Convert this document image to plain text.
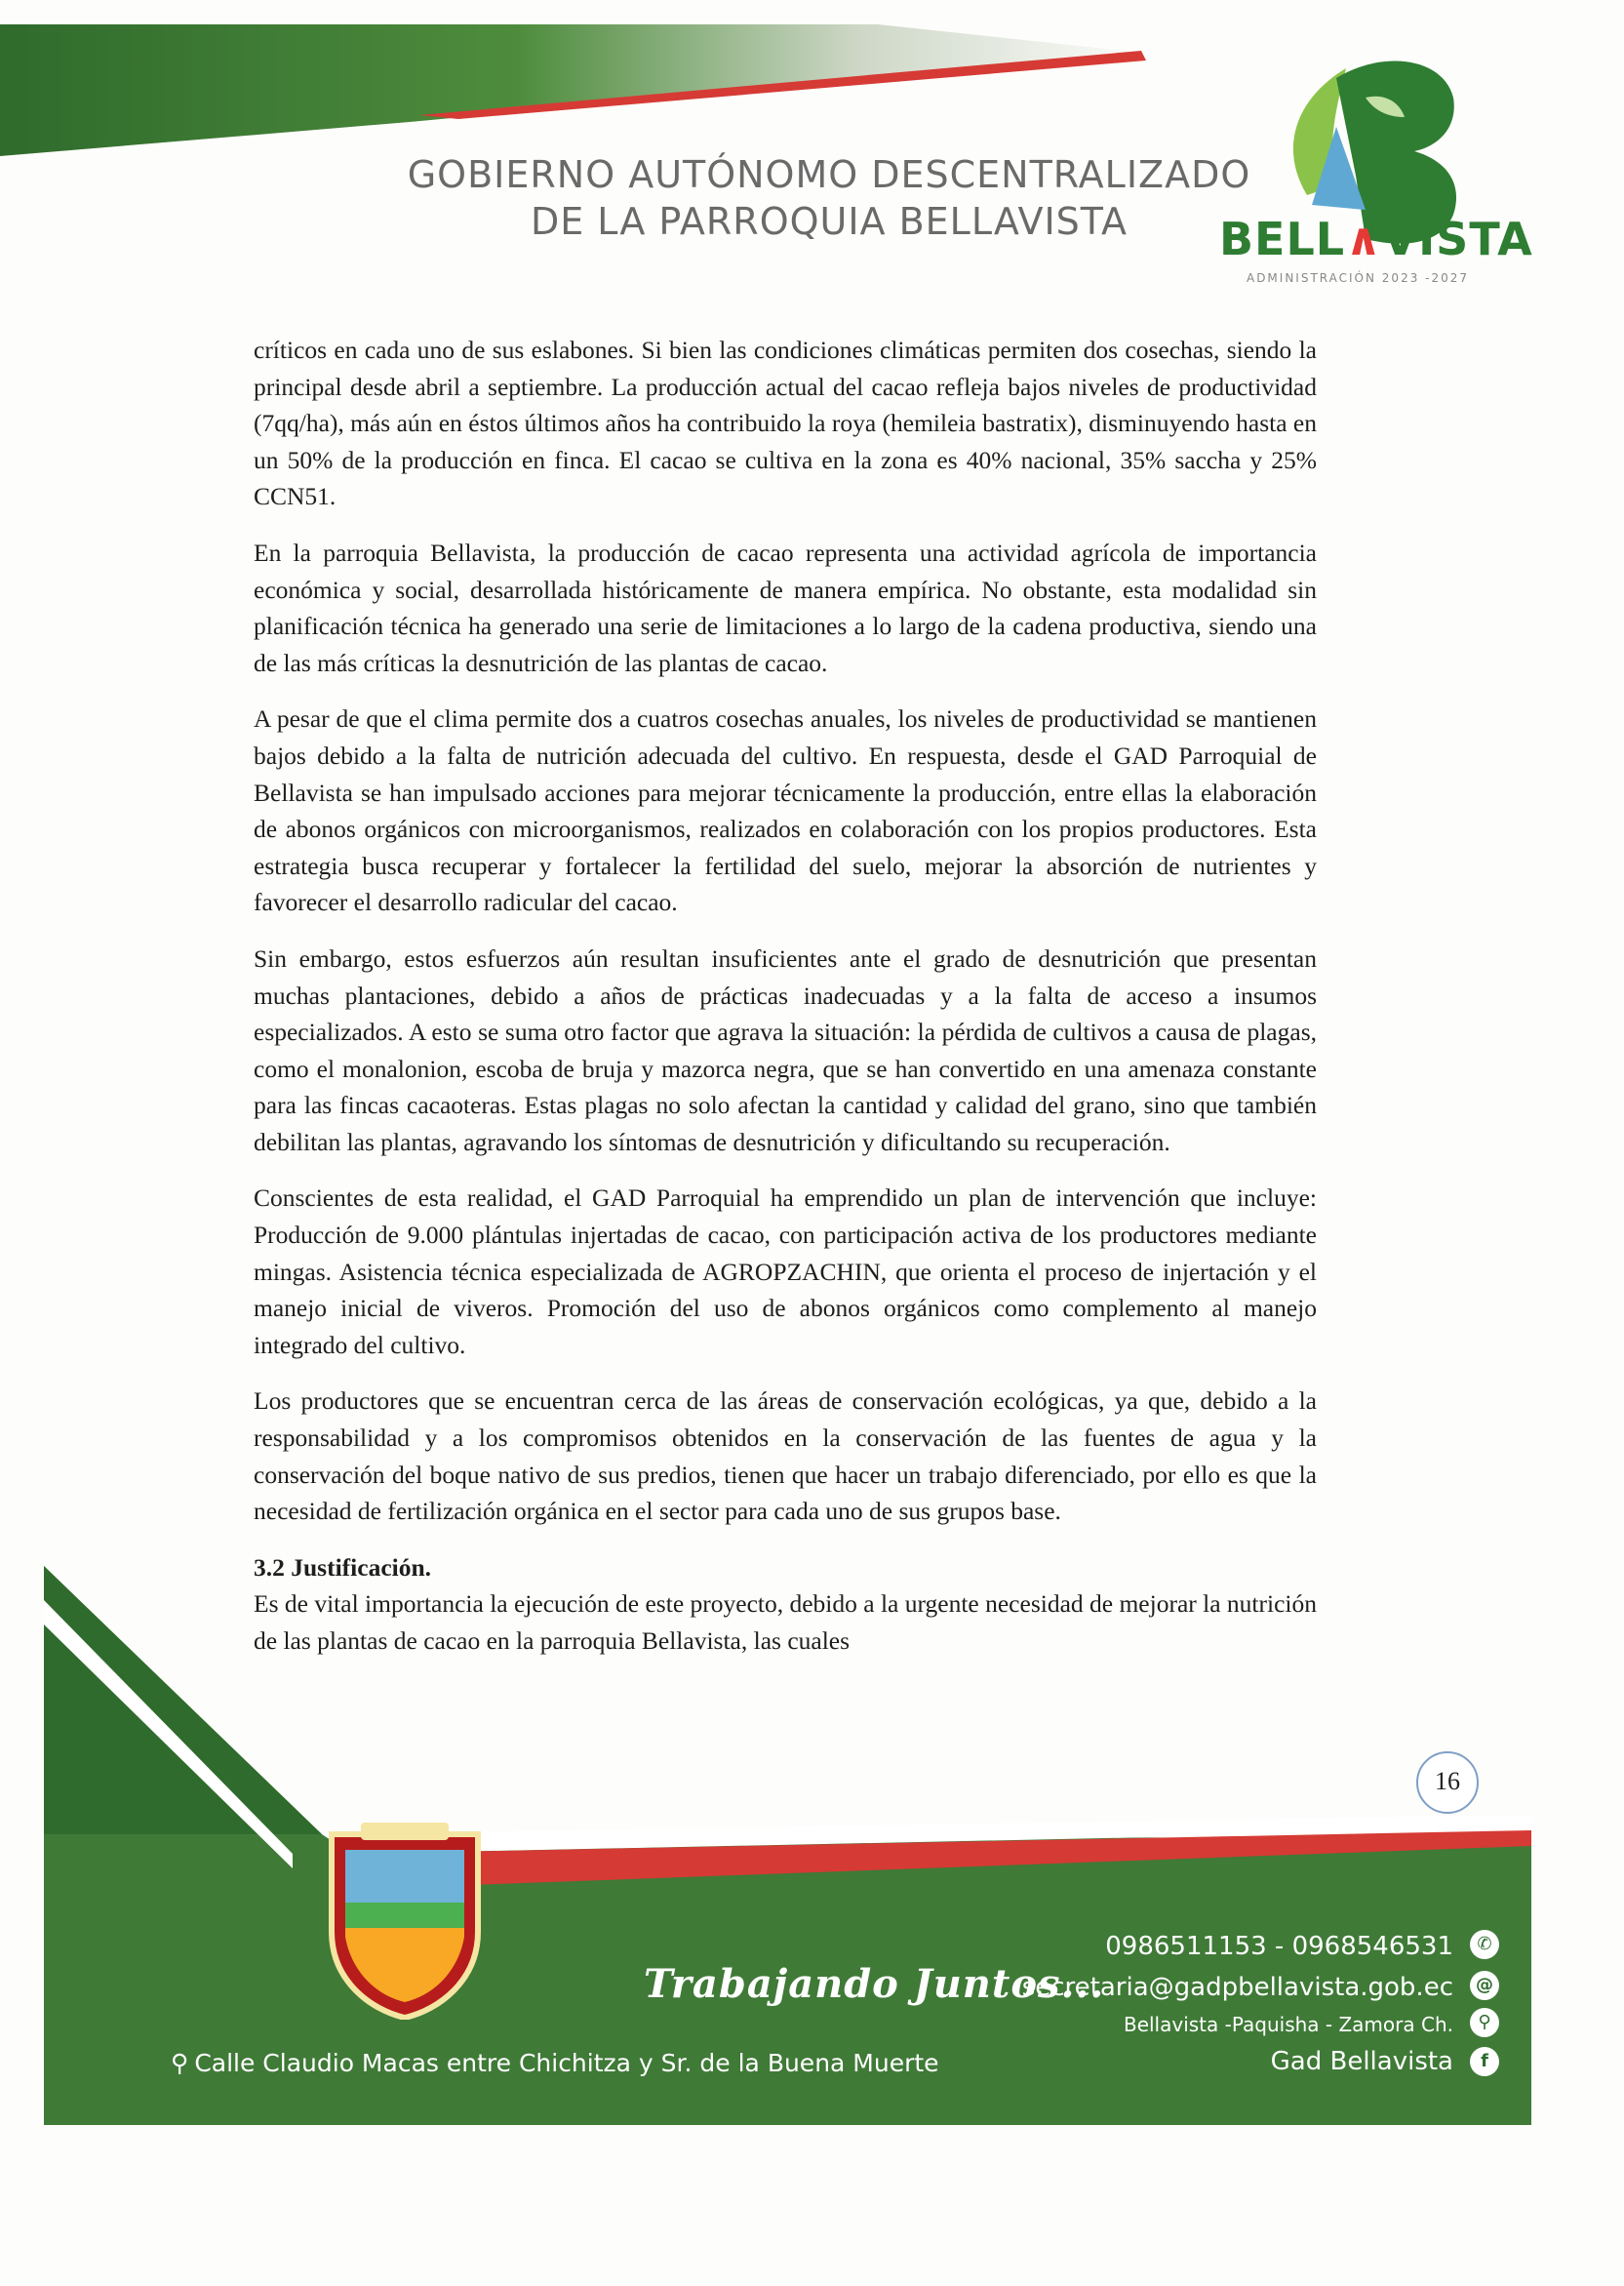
GOBIERNO AUTÓNOMO DESCENTRALIZADO
DE LA PARROQUIA BELLAVISTA	BELL∧VISTA
ADMINISTRACIÓN 2023 -2027
Trabajando Juntos...
0986511153 - 0968546531	✆
secretaria@gadpbellavista.gob.ec	@
Bellavista -Paquisha - Zamora Ch.	⚲
Gad Bellavista	f
⚲ Calle Claudio Macas entre Chichitza y Sr. de la Buena Muerte

críticos en cada uno de sus eslabones. Si bien las condiciones climáticas permiten dos cosechas, siendo la principal desde abril a septiembre. La producción actual del cacao refleja bajos niveles de productividad (7qq/ha), más aún en éstos últimos años ha contribuido la roya (hemileia bastratix), disminuyendo hasta en un 50% de la producción en finca. El cacao se cultiva en la zona es 40% nacional, 35% saccha y 25% CCN51.

En la parroquia Bellavista, la producción de cacao representa una actividad agrícola de importancia económica y social, desarrollada históricamente de manera empírica. No obstante, esta modalidad sin planificación técnica ha generado una serie de limitaciones a lo largo de la cadena productiva, siendo una de las más críticas la desnutrición de las plantas de cacao.

A pesar de que el clima permite dos a cuatros cosechas anuales, los niveles de productividad se mantienen bajos debido a la falta de nutrición adecuada del cultivo. En respuesta, desde el GAD Parroquial de Bellavista se han impulsado acciones para mejorar técnicamente la producción, entre ellas la elaboración de abonos orgánicos con microorganismos, realizados en colaboración con los propios productores. Esta estrategia busca recuperar y fortalecer la fertilidad del suelo, mejorar la absorción de nutrientes y favorecer el desarrollo radicular del cacao.

Sin embargo, estos esfuerzos aún resultan insuficientes ante el grado de desnutrición que presentan muchas plantaciones, debido a años de prácticas inadecuadas y a la falta de acceso a insumos especializados. A esto se suma otro factor que agrava la situación: la pérdida de cultivos a causa de plagas, como el monalonion, escoba de bruja y mazorca negra, que se han convertido en una amenaza constante para las fincas cacaoteras. Estas plagas no solo afectan la cantidad y calidad del grano, sino que también debilitan las plantas, agravando los síntomas de desnutrición y dificultando su recuperación.

Conscientes de esta realidad, el GAD Parroquial ha emprendido un plan de intervención que incluye: Producción de 9.000 plántulas injertadas de cacao, con participación activa de los productores mediante mingas. Asistencia técnica especializada de AGROPZACHIN, que orienta el proceso de injertación y el manejo inicial de viveros. Promoción del uso de abonos orgánicos como complemento al manejo integrado del cultivo.

Los productores que se encuentran cerca de las áreas de conservación ecológicas, ya que, debido a la responsabilidad y a los compromisos obtenidos en la conservación de las fuentes de agua y la conservación del boque nativo de sus predios, tienen que hacer un trabajo diferenciado, por ello es que la necesidad de fertilización orgánica en el sector para cada uno de sus grupos base.

3.2 Justificación.

Es de vital importancia la ejecución de este proyecto, debido a la urgente necesidad de mejorar la nutrición de las plantas de cacao en la parroquia Bellavista, las cuales

16
